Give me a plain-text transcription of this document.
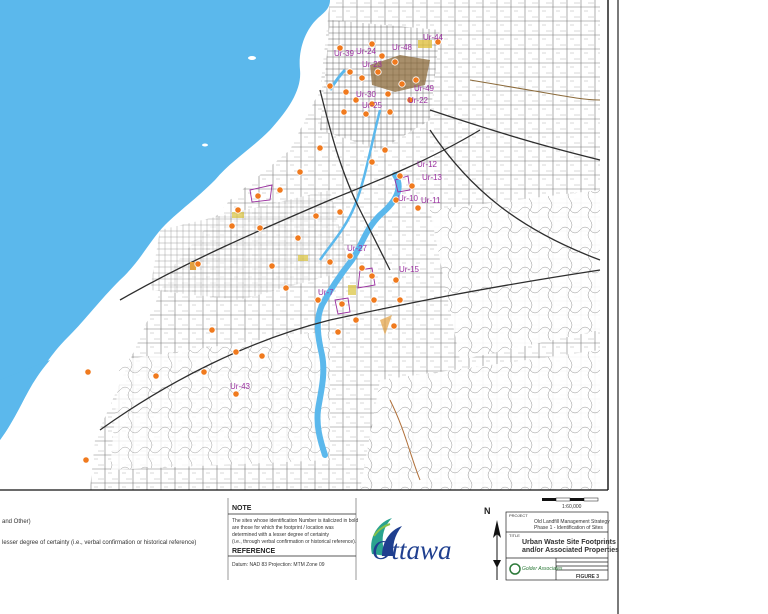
Ur-39 Ur-24 Ur-48
Ur-44
Ur-23
Ur-30
Ur-49
Ur-22
Ur-25
Ur-12
Ur-13
Ur-10 Ur-11
Ur-27
Ur-15
Ur-7
Ur-43
and Other)
lesser degree of certainty (i.e., verbal confirmation or historical reference)
NOTE
The sites whose identification Number is italicized in bold
are those for which the footprint / location was
determined with a lesser degree of certainty
(i.e., through verbal confirmation or historical reference).
REFERENCE
Datum: NAD 83 Projection: MTM Zone 09 Ottawa
1:60,000
N	PROJECT
Old Landfill Management Strategy
Phase 1 - Identification of Sites
TITLE
Urban Waste Site Footprints
and/or Associated Properties
Golder Associates
FIGURE 3
